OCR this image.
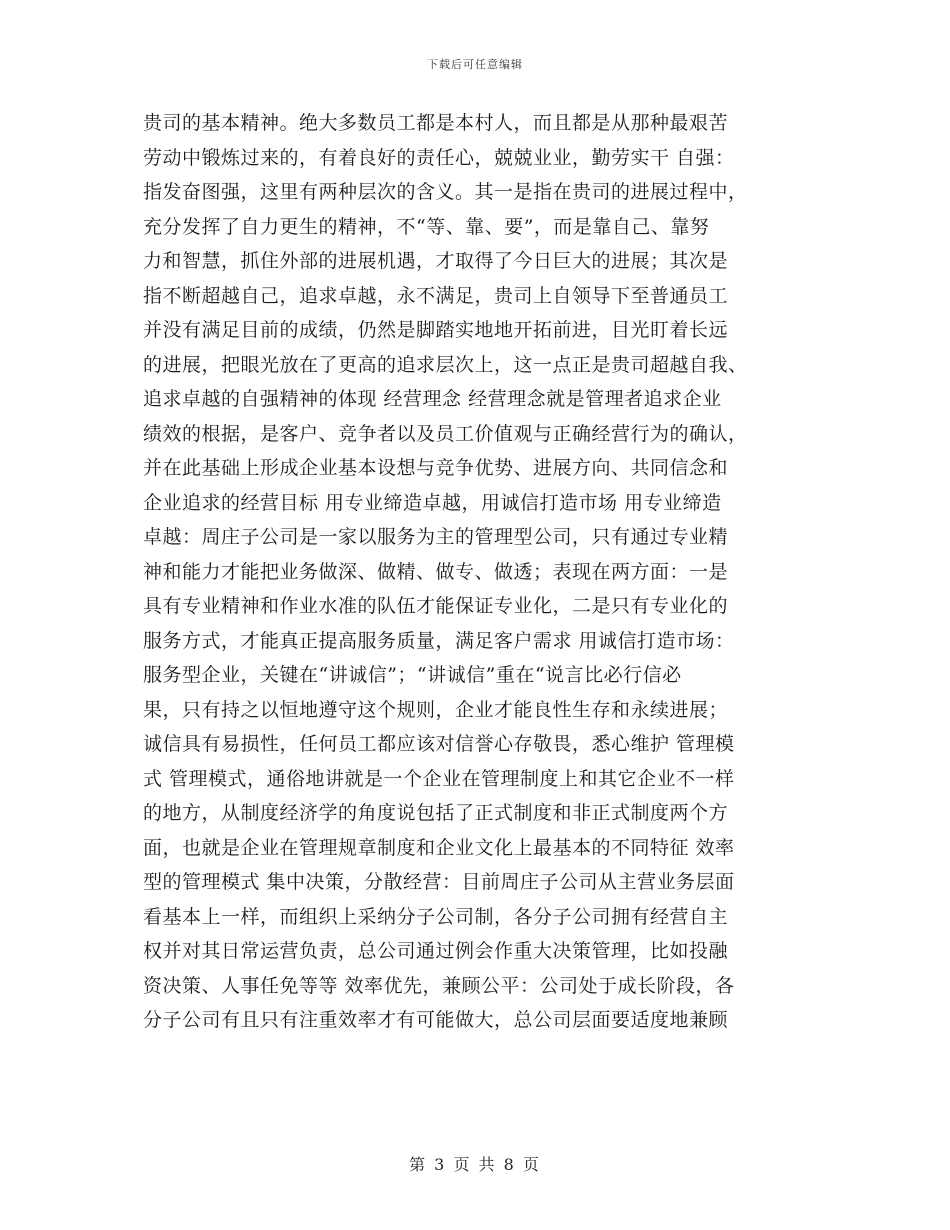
下载后可任意编辑
贵司的基本精神。绝大多数员工都是本村人，而且都是从那种最艰苦
劳动中锻炼过来的，有着良好的责任心，兢兢业业，勤劳实干 自强：
指发奋图强，这里有两种层次的含义。其一是指在贵司的进展过程中，
充分发挥了自力更生的精神，不“等、靠、要”，而是靠自己、靠努
力和智慧，抓住外部的进展机遇，才取得了今日巨大的进展；其次是
指不断超越自己，追求卓越，永不满足，贵司上自领导下至普通员工
并没有满足目前的成绩，仍然是脚踏实地地开拓前进，目光盯着长远
的进展，把眼光放在了更高的追求层次上，这一点正是贵司超越自我、
追求卓越的自强精神的体现 经营理念 经营理念就是管理者追求企业
绩效的根据，是客户、竞争者以及员工价值观与正确经营行为的确认，
并在此基础上形成企业基本设想与竞争优势、进展方向、共同信念和
企业追求的经营目标 用专业缔造卓越，用诚信打造市场 用专业缔造
卓越：周庄子公司是一家以服务为主的管理型公司，只有通过专业精
神和能力才能把业务做深、做精、做专、做透；表现在两方面：一是
具有专业精神和作业水准的队伍才能保证专业化，二是只有专业化的
服务方式，才能真正提高服务质量，满足客户需求 用诚信打造市场：
服务型企业，关键在“讲诚信”；“讲诚信”重在“说言比必行信必
果，只有持之以恒地遵守这个规则，企业才能良性生存和永续进展；
诚信具有易损性，任何员工都应该对信誉心存敬畏，悉心维护 管理模
式 管理模式，通俗地讲就是一个企业在管理制度上和其它企业不一样
的地方，从制度经济学的角度说包括了正式制度和非正式制度两个方
面，也就是企业在管理规章制度和企业文化上最基本的不同特征 效率
型的管理模式 集中决策，分散经营：目前周庄子公司从主营业务层面
看基本上一样，而组织上采纳分子公司制，各分子公司拥有经营自主
权并对其日常运营负责，总公司通过例会作重大决策管理，比如投融
资决策、人事任免等等 效率优先，兼顾公平：公司处于成长阶段，各
分子公司有且只有注重效率才有可能做大，总公司层面要适度地兼顾
第 3 页 共 8 页
